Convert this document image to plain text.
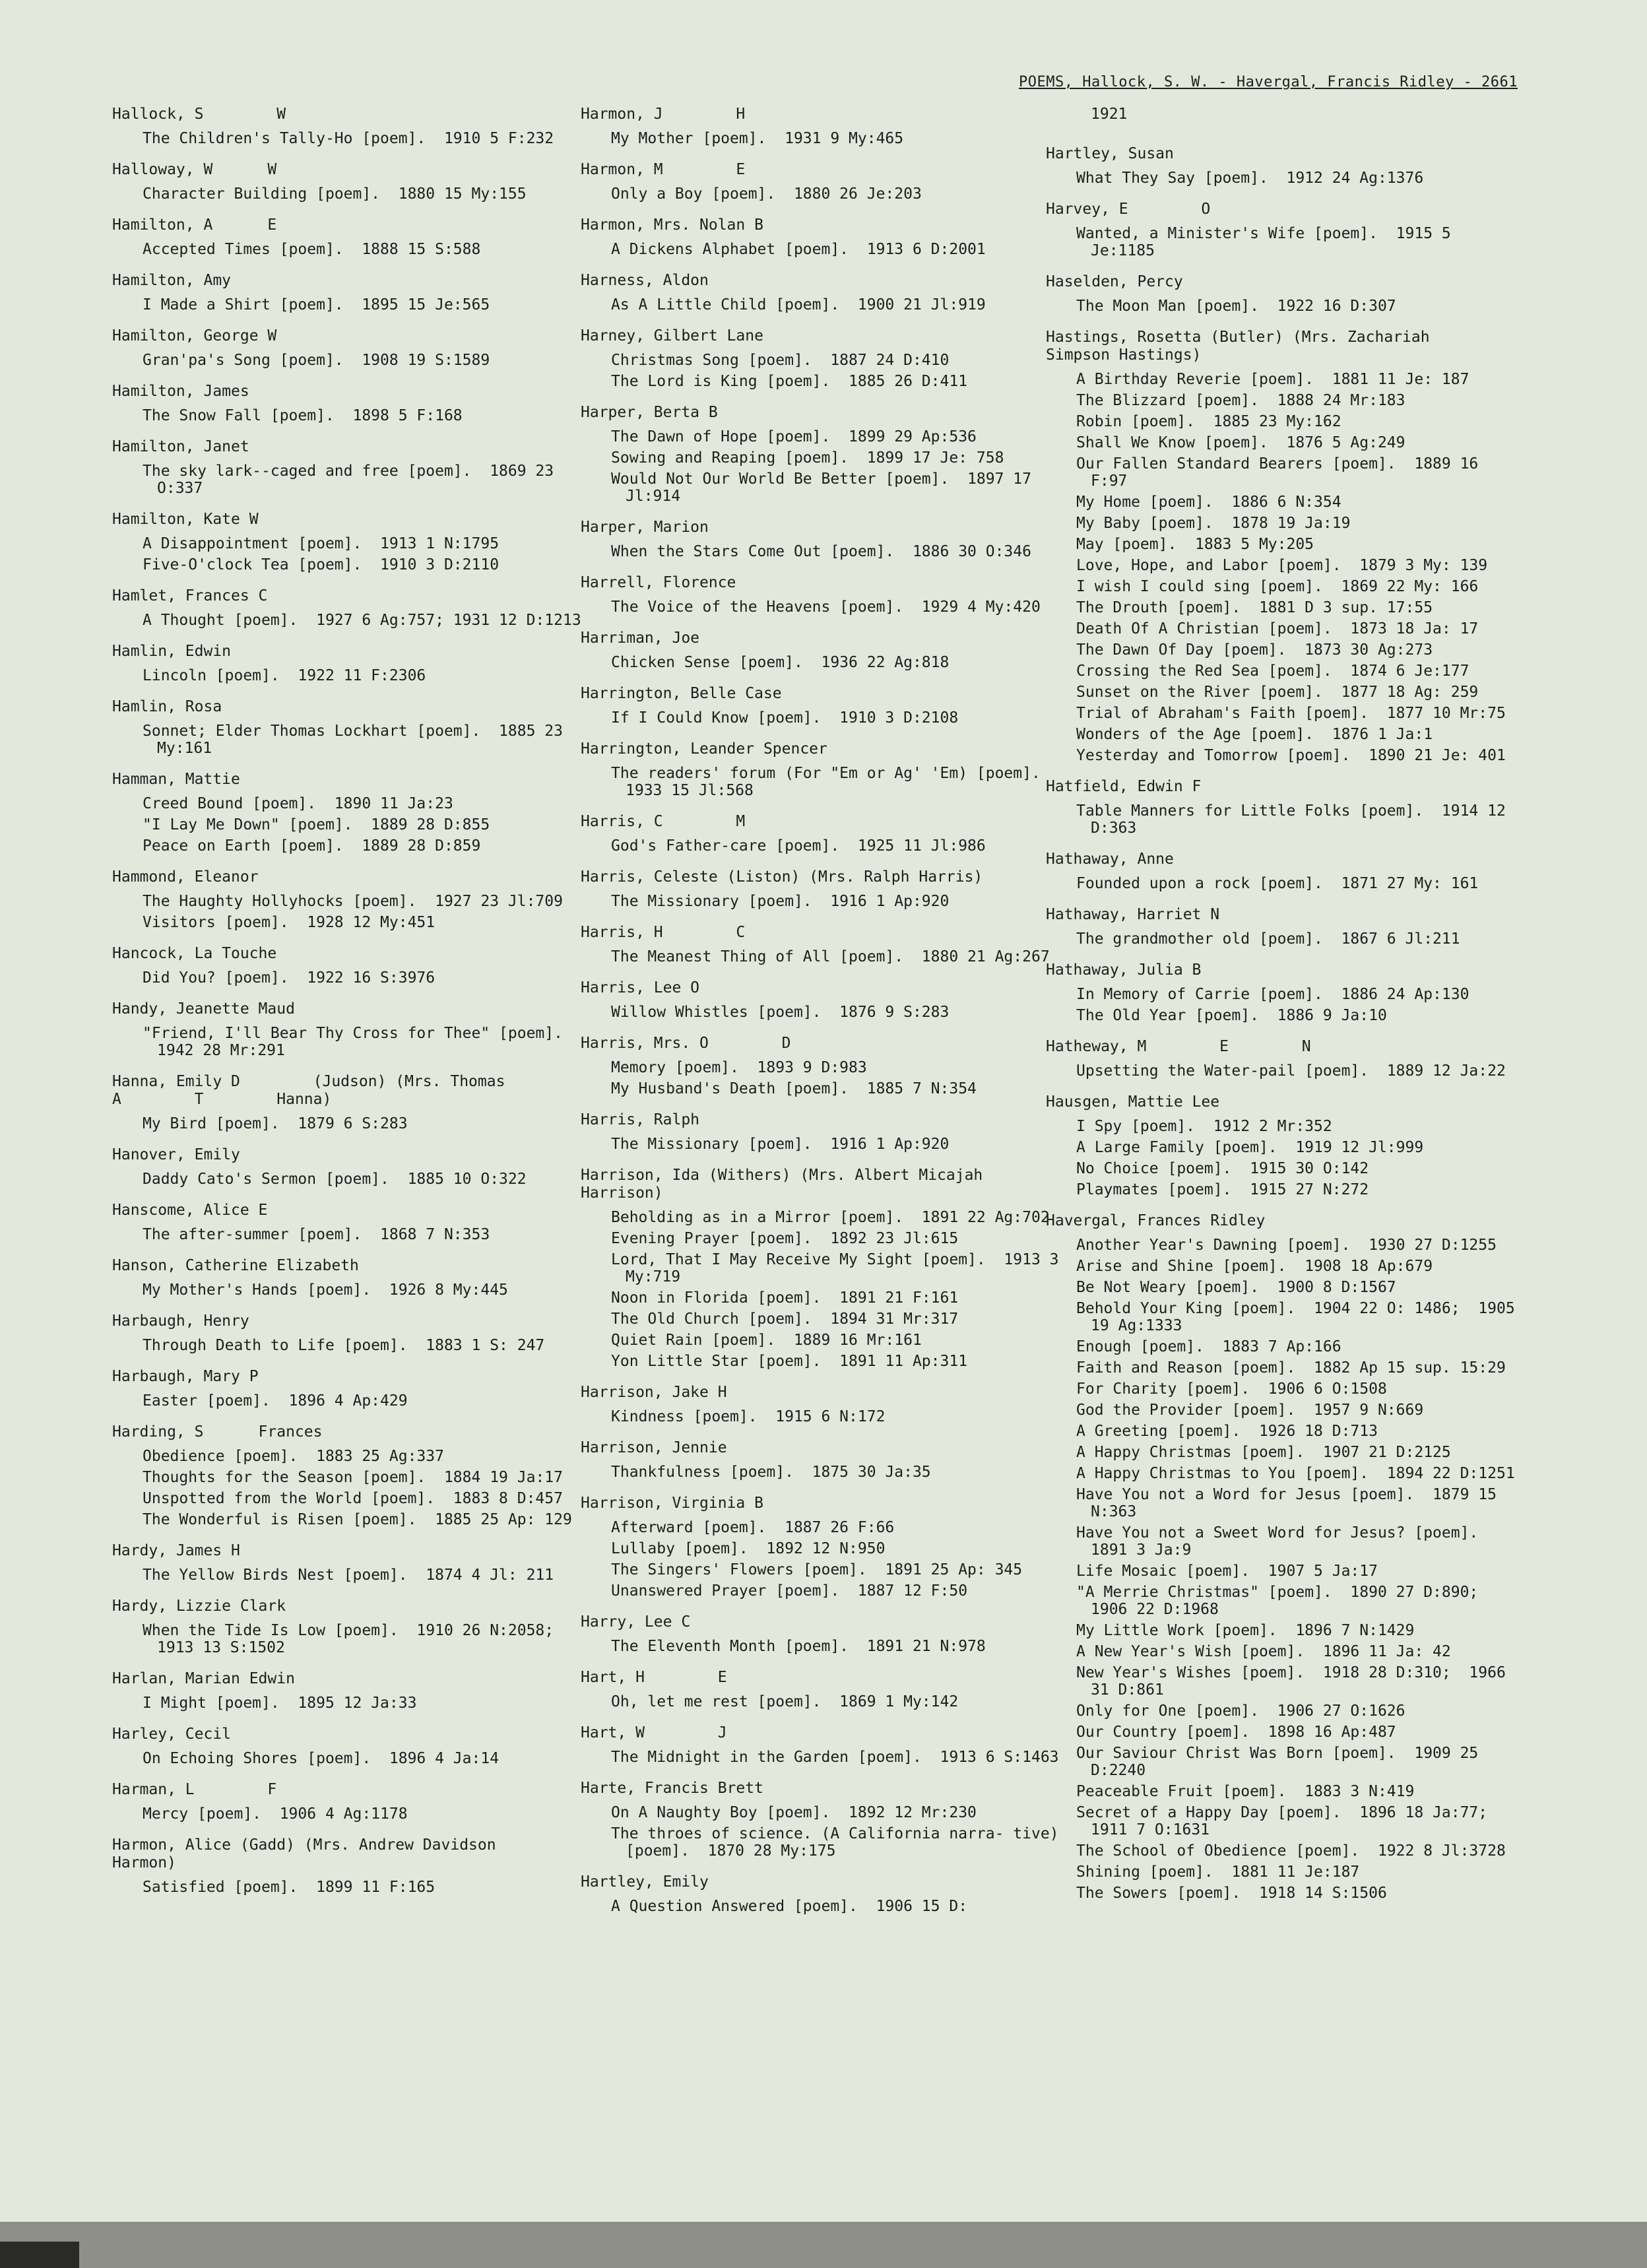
POEMS, Hallock, S. W. - Havergal, Francis Ridley - 2661
Hallock, S        W
The Children's Tally-Ho [poem].  1910 5 F:232
Halloway, W      W
Character Building [poem].  1880 15 My:155
Hamilton, A      E
Accepted Times [poem].  1888 15 S:588
Hamilton, Amy
I Made a Shirt [poem].  1895 15 Je:565
Hamilton, George W
Gran'pa's Song [poem].  1908 19 S:1589
Hamilton, James
The Snow Fall [poem].  1898 5 F:168
Hamilton, Janet
The sky lark--caged and free [poem].  1869 23 O:337
Hamilton, Kate W
A Disappointment [poem].  1913 1 N:1795
Five-O'clock Tea [poem].  1910 3 D:2110
Hamlet, Frances C
A Thought [poem].  1927 6 Ag:757; 1931 12 D:1213
Hamlin, Edwin
Lincoln [poem].  1922 11 F:2306
Hamlin, Rosa
Sonnet; Elder Thomas Lockhart [poem].  1885 23 My:161
Hamman, Mattie
Creed Bound [poem].  1890 11 Ja:23
"I Lay Me Down" [poem].  1889 28 D:855
Peace on Earth [poem].  1889 28 D:859
Hammond, Eleanor
The Haughty Hollyhocks [poem].  1927 23 Jl:709
Visitors [poem].  1928 12 My:451
Hancock, La Touche
Did You? [poem].  1922 16 S:3976
Handy, Jeanette Maud
"Friend, I'll Bear Thy Cross for Thee" [poem].  1942 28 Mr:291
Hanna, Emily D        (Judson) (Mrs. Thomas
A        T        Hanna)
My Bird [poem].  1879 6 S:283
Hanover, Emily
Daddy Cato's Sermon [poem].  1885 10 O:322
Hanscome, Alice E
The after-summer [poem].  1868 7 N:353
Hanson, Catherine Elizabeth
My Mother's Hands [poem].  1926 8 My:445
Harbaugh, Henry
Through Death to Life [poem].  1883 1 S: 247
Harbaugh, Mary P
Easter [poem].  1896 4 Ap:429
Harding, S      Frances
Obedience [poem].  1883 25 Ag:337
Thoughts for the Season [poem].  1884 19 Ja:17
Unspotted from the World [poem].  1883 8 D:457
The Wonderful is Risen [poem].  1885 25 Ap: 129
Hardy, James H
The Yellow Birds Nest [poem].  1874 4 Jl: 211
Hardy, Lizzie Clark
When the Tide Is Low [poem].  1910 26 N:2058;  1913 13 S:1502
Harlan, Marian Edwin
I Might [poem].  1895 12 Ja:33
Harley, Cecil
On Echoing Shores [poem].  1896 4 Ja:14
Harman, L        F
Mercy [poem].  1906 4 Ag:1178
Harmon, Alice (Gadd) (Mrs. Andrew Davidson
Harmon)
Satisfied [poem].  1899 11 F:165
Harmon, J        H
My Mother [poem].  1931 9 My:465
Harmon, M        E
Only a Boy [poem].  1880 26 Je:203
Harmon, Mrs. Nolan B
A Dickens Alphabet [poem].  1913 6 D:2001
Harness, Aldon
As A Little Child [poem].  1900 21 Jl:919
Harney, Gilbert Lane
Christmas Song [poem].  1887 24 D:410
The Lord is King [poem].  1885 26 D:411
Harper, Berta B
The Dawn of Hope [poem].  1899 29 Ap:536
Sowing and Reaping [poem].  1899 17 Je: 758
Would Not Our World Be Better [poem].  1897 17 Jl:914
Harper, Marion
When the Stars Come Out [poem].  1886 30 O:346
Harrell, Florence
The Voice of the Heavens [poem].  1929 4 My:420
Harriman, Joe
Chicken Sense [poem].  1936 22 Ag:818
Harrington, Belle Case
If I Could Know [poem].  1910 3 D:2108
Harrington, Leander Spencer
The readers' forum (For "Em or Ag' 'Em) [poem].  1933 15 Jl:568
Harris, C        M
God's Father-care [poem].  1925 11 Jl:986
Harris, Celeste (Liston) (Mrs. Ralph Harris)
The Missionary [poem].  1916 1 Ap:920
Harris, H        C
The Meanest Thing of All [poem].  1880 21 Ag:267
Harris, Lee O
Willow Whistles [poem].  1876 9 S:283
Harris, Mrs. O        D
Memory [poem].  1893 9 D:983
My Husband's Death [poem].  1885 7 N:354
Harris, Ralph
The Missionary [poem].  1916 1 Ap:920
Harrison, Ida (Withers) (Mrs. Albert Micajah
Harrison)
Beholding as in a Mirror [poem].  1891 22 Ag:702
Evening Prayer [poem].  1892 23 Jl:615
Lord, That I May Receive My Sight [poem].  1913 3 My:719
Noon in Florida [poem].  1891 21 F:161
The Old Church [poem].  1894 31 Mr:317
Quiet Rain [poem].  1889 16 Mr:161
Yon Little Star [poem].  1891 11 Ap:311
Harrison, Jake H
Kindness [poem].  1915 6 N:172
Harrison, Jennie
Thankfulness [poem].  1875 30 Ja:35
Harrison, Virginia B
Afterward [poem].  1887 26 F:66
Lullaby [poem].  1892 12 N:950
The Singers' Flowers [poem].  1891 25 Ap: 345
Unanswered Prayer [poem].  1887 12 F:50
Harry, Lee C
The Eleventh Month [poem].  1891 21 N:978
Hart, H        E
Oh, let me rest [poem].  1869 1 My:142
Hart, W        J
The Midnight in the Garden [poem].  1913 6 S:1463
Harte, Francis Brett
On A Naughty Boy [poem].  1892 12 Mr:230
The throes of science. (A California narra- tive) [poem].  1870 28 My:175
Hartley, Emily
A Question Answered [poem].  1906 15 D:
1921
Hartley, Susan
What They Say [poem].  1912 24 Ag:1376
Harvey, E        O
Wanted, a Minister's Wife [poem].  1915 5 Je:1185
Haselden, Percy
The Moon Man [poem].  1922 16 D:307
Hastings, Rosetta (Butler) (Mrs. Zachariah
Simpson Hastings)
A Birthday Reverie [poem].  1881 11 Je: 187
The Blizzard [poem].  1888 24 Mr:183
Robin [poem].  1885 23 My:162
Shall We Know [poem].  1876 5 Ag:249
Our Fallen Standard Bearers [poem].  1889 16 F:97
My Home [poem].  1886 6 N:354
My Baby [poem].  1878 19 Ja:19
May [poem].  1883 5 My:205
Love, Hope, and Labor [poem].  1879 3 My: 139
I wish I could sing [poem].  1869 22 My: 166
The Drouth [poem].  1881 D 3 sup. 17:55
Death Of A Christian [poem].  1873 18 Ja: 17
The Dawn Of Day [poem].  1873 30 Ag:273
Crossing the Red Sea [poem].  1874 6 Je:177
Sunset on the River [poem].  1877 18 Ag: 259
Trial of Abraham's Faith [poem].  1877 10 Mr:75
Wonders of the Age [poem].  1876 1 Ja:1
Yesterday and Tomorrow [poem].  1890 21 Je: 401
Hatfield, Edwin F
Table Manners for Little Folks [poem].  1914 12 D:363
Hathaway, Anne
Founded upon a rock [poem].  1871 27 My: 161
Hathaway, Harriet N
The grandmother old [poem].  1867 6 Jl:211
Hathaway, Julia B
In Memory of Carrie [poem].  1886 24 Ap:130
The Old Year [poem].  1886 9 Ja:10
Hatheway, M        E        N
Upsetting the Water-pail [poem].  1889 12 Ja:22
Hausgen, Mattie Lee
I Spy [poem].  1912 2 Mr:352
A Large Family [poem].  1919 12 Jl:999
No Choice [poem].  1915 30 O:142
Playmates [poem].  1915 27 N:272
Havergal, Frances Ridley
Another Year's Dawning [poem].  1930 27 D:1255
Arise and Shine [poem].  1908 18 Ap:679
Be Not Weary [poem].  1900 8 D:1567
Behold Your King [poem].  1904 22 O: 1486;  1905 19 Ag:1333
Enough [poem].  1883 7 Ap:166
Faith and Reason [poem].  1882 Ap 15 sup. 15:29
For Charity [poem].  1906 6 O:1508
God the Provider [poem].  1957 9 N:669
A Greeting [poem].  1926 18 D:713
A Happy Christmas [poem].  1907 21 D:2125
A Happy Christmas to You [poem].  1894 22 D:1251
Have You not a Word for Jesus [poem].  1879 15 N:363
Have You not a Sweet Word for Jesus? [poem].  1891 3 Ja:9
Life Mosaic [poem].  1907 5 Ja:17
"A Merrie Christmas" [poem].  1890 27 D:890;  1906 22 D:1968
My Little Work [poem].  1896 7 N:1429
A New Year's Wish [poem].  1896 11 Ja: 42
New Year's Wishes [poem].  1918 28 D:310;  1966 31 D:861
Only for One [poem].  1906 27 O:1626
Our Country [poem].  1898 16 Ap:487
Our Saviour Christ Was Born [poem].  1909 25 D:2240
Peaceable Fruit [poem].  1883 3 N:419
Secret of a Happy Day [poem].  1896 18 Ja:77;  1911 7 O:1631
The School of Obedience [poem].  1922 8 Jl:3728
Shining [poem].  1881 11 Je:187
The Sowers [poem].  1918 14 S:1506
